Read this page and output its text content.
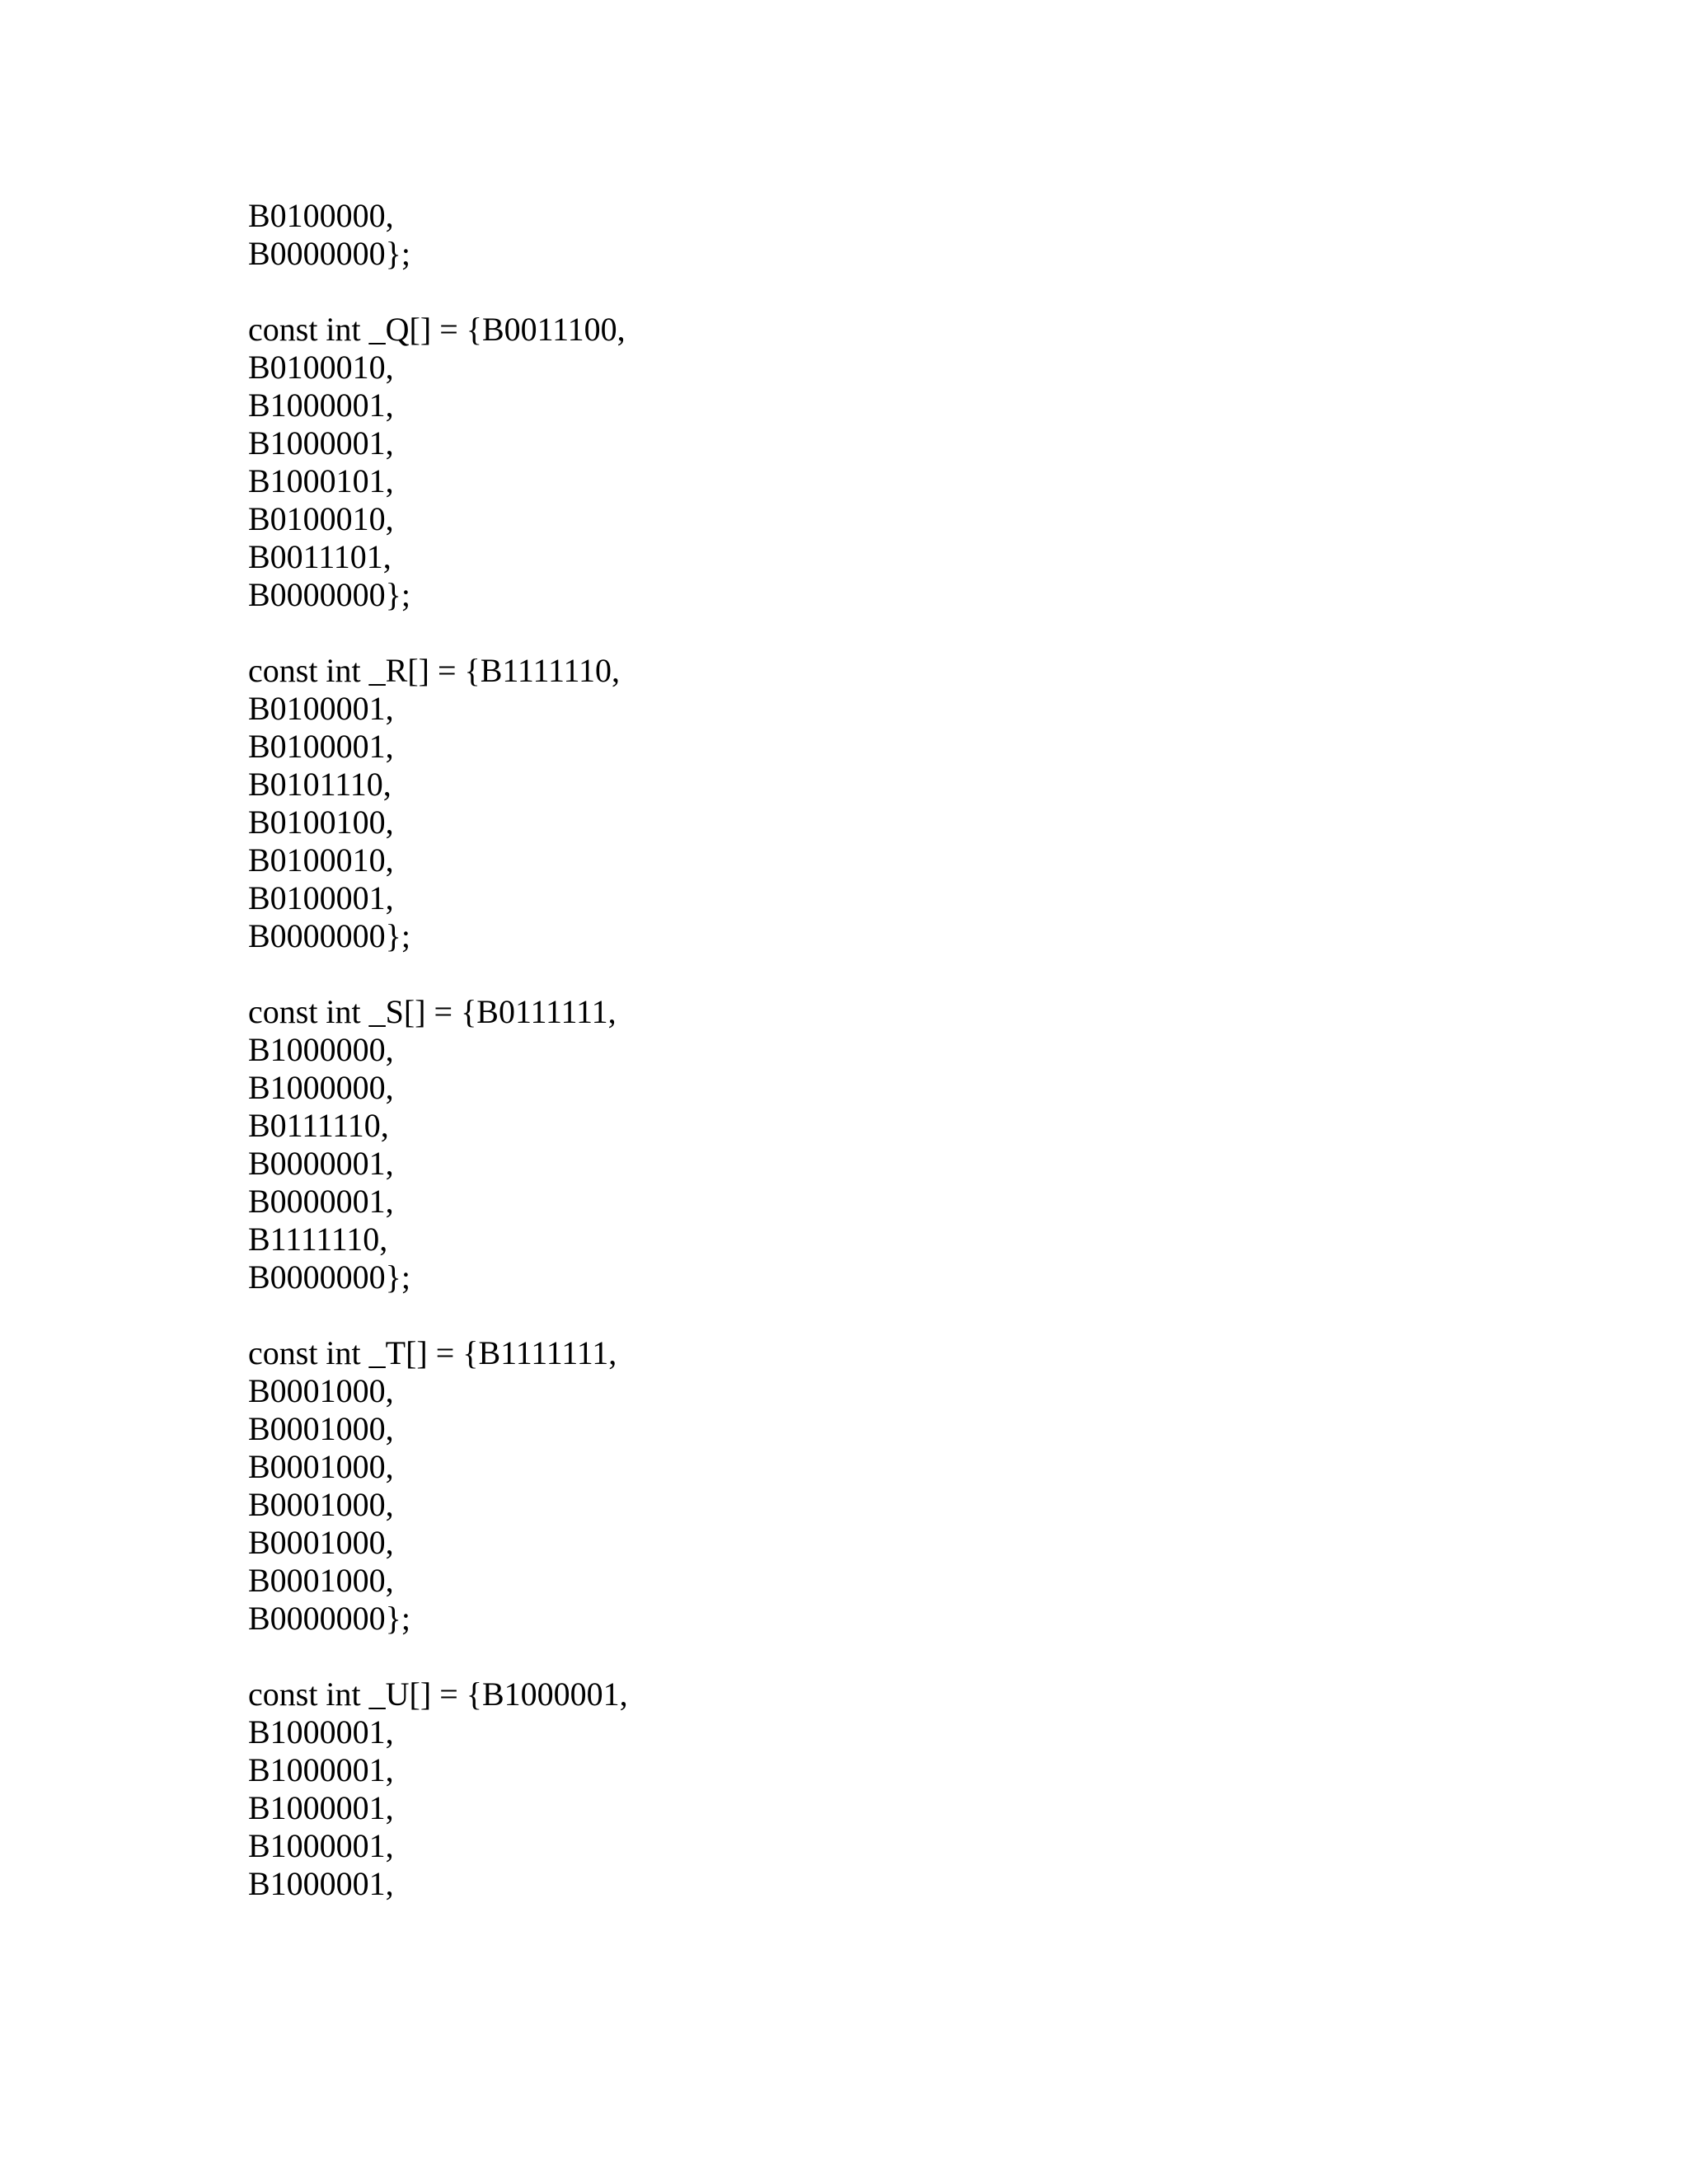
B0100000,
B0000000};
const int _Q[] = {B0011100,
B0100010,
B1000001,
B1000001,
B1000101,
B0100010,
B0011101,
B0000000};
const int _R[] = {B1111110,
B0100001,
B0100001,
B0101110,
B0100100,
B0100010,
B0100001,
B0000000};
const int _S[] = {B0111111,
B1000000,
B1000000,
B0111110,
B0000001,
B0000001,
B1111110,
B0000000};
const int _T[] = {B1111111,
B0001000,
B0001000,
B0001000,
B0001000,
B0001000,
B0001000,
B0000000};
const int _U[] = {B1000001,
B1000001,
B1000001,
B1000001,
B1000001,
B1000001,
